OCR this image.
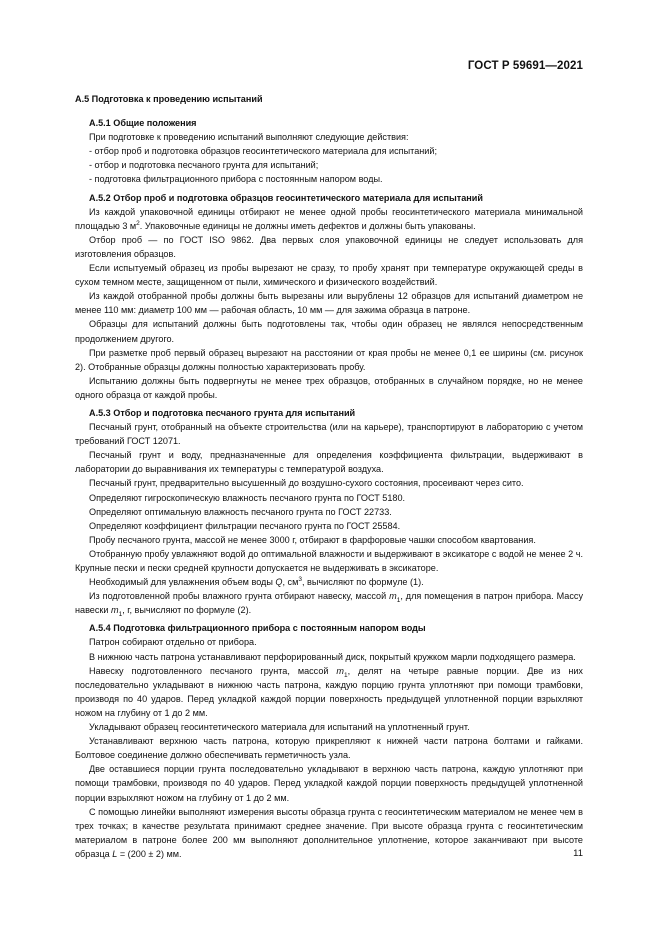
ГОСТ Р 59691—2021

А.5 Подготовка к проведению испытаний

А.5.1 Общие положения

При подготовке к проведению испытаний выполняют следующие действия:

- отбор проб и подготовка образцов геосинтетического материала для испытаний;

- отбор и подготовка песчаного грунта для испытаний;

- подготовка фильтрационного прибора с постоянным напором воды.

А.5.2 Отбор проб и подготовка образцов геосинтетического материала для испытаний

Из каждой упаковочной единицы отбирают не менее одной пробы геосинтетического материала минимальной площадью 3 $м^2$. Упаковочные единицы не должны иметь дефектов и должны быть упакованы.

Отбор проб — по ГОСТ ISO 9862. Два первых слоя упаковочной единицы не следует использовать для изготовления образцов.

Если испытуемый образец из пробы вырезают не сразу, то пробу хранят при температуре окружающей среды в сухом темном месте, защищенном от пыли, химического и физического воздействий.

Из каждой отобранной пробы должны быть вырезаны или вырублены 12 образцов для испытаний диаметром не менее 110 мм: диаметр 100 мм — рабочая область, 10 мм — для зажима образца в патроне.

Образцы для испытаний должны быть подготовлены так, чтобы один образец не являлся непосредственным продолжением другого.

При разметке проб первый образец вырезают на расстоянии от края пробы не менее 0,1 ее ширины (см. рисунок 2). Отобранные образцы должны полностью характеризовать пробу.

Испытанию должны быть подвергнуты не менее трех образцов, отобранных в случайном порядке, но не менее одного образца от каждой пробы.

А.5.3 Отбор и подготовка песчаного грунта для испытаний

Песчаный грунт, отобранный на объекте строительства (или на карьере), транспортируют в лабораторию с учетом требований ГОСТ 12071.

Песчаный грунт и воду, предназначенные для определения коэффициента фильтрации, выдерживают в лаборатории до выравнивания их температуры с температурой воздуха.

Песчаный грунт, предварительно высушенный до воздушно-сухого состояния, просеивают через сито.

Определяют гигроскопическую влажность песчаного грунта по ГОСТ 5180.

Определяют оптимальную влажность песчаного грунта по ГОСТ 22733.

Определяют коэффициент фильтрации песчаного грунта по ГОСТ 25584.

Пробу песчаного грунта, массой не менее 3000 г, отбирают в фарфоровые чашки способом квартования.

Отобранную пробу увлажняют водой до оптимальной влажности и выдерживают в эксикаторе с водой не менее 2 ч. Крупные пески и пески средней крупности допускается не выдерживать в эксикаторе.

Необходимый для увлажнения объем воды Q, $см^3$, вычисляют по формуле (1).

Из подготовленной пробы влажного грунта отбирают навеску, массой $m_1$, для помещения в патрон прибора. Массу навески $m_1$, г, вычисляют по формуле (2).

А.5.4 Подготовка фильтрационного прибора с постоянным напором воды

Патрон собирают отдельно от прибора.

В нижнюю часть патрона устанавливают перфорированный диск, покрытый кружком марли подходящего размера.

Навеску подготовленного песчаного грунта, массой $m_1$, делят на четыре равные порции. Две из них последовательно укладывают в нижнюю часть патрона, каждую порцию грунта уплотняют при помощи трамбовки, производя по 40 ударов. Перед укладкой каждой порции поверхность предыдущей уплотненной порции взрыхляют ножом на глубину от 1 до 2 мм.

Укладывают образец геосинтетического материала для испытаний на уплотненный грунт.

Устанавливают верхнюю часть патрона, которую прикрепляют к нижней части патрона болтами и гайками. Болтовое соединение должно обеспечивать герметичность узла.

Две оставшиеся порции грунта последовательно укладывают в верхнюю часть патрона, каждую уплотняют при помощи трамбовки, производя по 40 ударов. Перед укладкой каждой порции поверхность предыдущей уплотненной порции взрыхляют ножом на глубину от 1 до 2 мм.

С помощью линейки выполняют измерения высоты образца грунта с геосинтетическим материалом не менее чем в трех точках; в качестве результата принимают среднее значение. При высоте образца грунта с геосинтетическим материалом в патроне более 200 мм выполняют дополнительное уплотнение, которое заканчивают при высоте образца L = (200 ± 2) мм.	11
